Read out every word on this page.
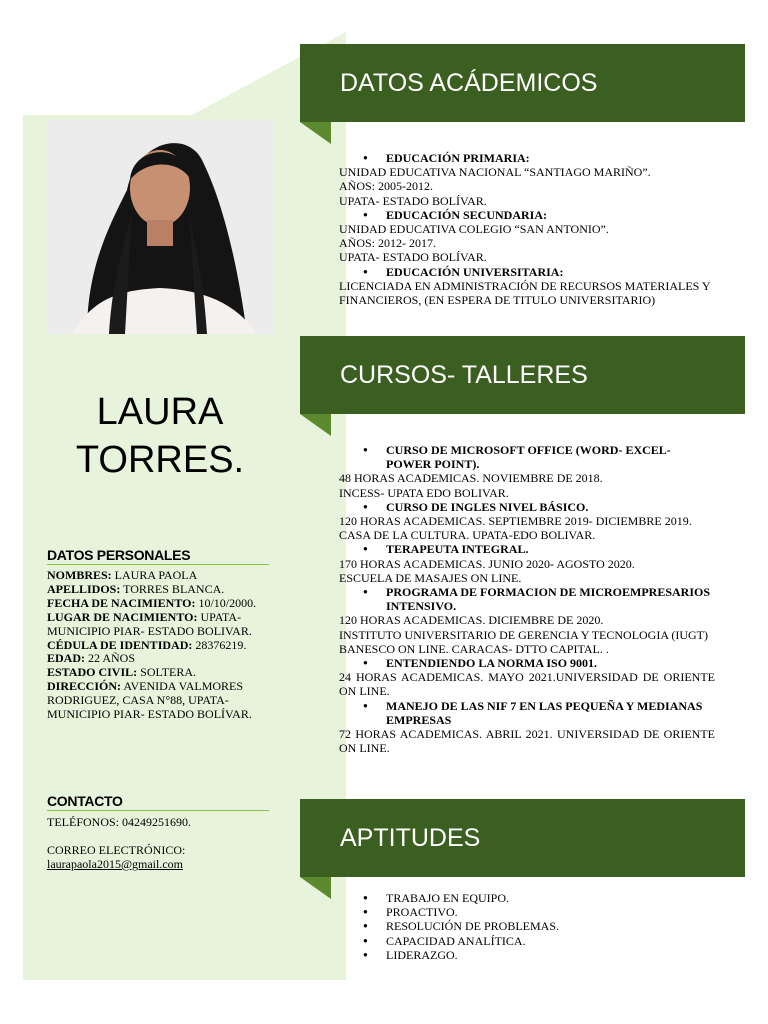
LAURA
TORRES.
DATOS PERSONALES

NOMBRES: LAURA PAOLA

APELLIDOS: TORRES BLANCA.

FECHA DE NACIMIENTO: 10/10/2000.

LUGAR DE NACIMIENTO: UPATA- MUNICIPIO PIAR- ESTADO BOLIVAR.

CÉDULA DE IDENTIDAD: 28376219.

EDAD: 22 AÑOS

ESTADO CIVIL: SOLTERA.

DIRECCIÓN: AVENIDA VALMORES RODRIGUEZ, CASA N°88, UPATA- MUNICIPIO PIAR- ESTADO BOLÍVAR.

CONTACTO
TELÉFONOS: 04249251690.
CORREO ELECTRÓNICO:
laurapaola2015@gmail.com
DATOS ACÁDEMICOS
● EDUCACIÓN PRIMARIA:
UNIDAD EDUCATIVA NACIONAL “SANTIAGO MARIÑO”.
AÑOS: 2005-2012.
UPATA- ESTADO BOLÍVAR.
● EDUCACIÓN SECUNDARIA:
UNIDAD EDUCATIVA COLEGIO “SAN ANTONIO”.
AÑOS: 2012- 2017.
UPATA- ESTADO BOLÍVAR.
● EDUCACIÓN UNIVERSITARIA:
LICENCIADA EN ADMINISTRACIÓN DE RECURSOS MATERIALES Y FINANCIEROS, (EN ESPERA DE TITULO UNIVERSITARIO)
CURSOS- TALLERES
● CURSO DE MICROSOFT OFFICE (WORD- EXCEL- POWER POINT).
48 HORAS ACADEMICAS. NOVIEMBRE DE 2018.
INCESS- UPATA EDO BOLIVAR.
● CURSO DE INGLES NIVEL BÁSICO.
120 HORAS ACADEMICAS. SEPTIEMBRE 2019- DICIEMBRE 2019.
CASA DE LA CULTURA. UPATA-EDO BOLIVAR.
● TERAPEUTA INTEGRAL.
170 HORAS ACADEMICAS. JUNIO 2020- AGOSTO 2020.
ESCUELA DE MASAJES ON LINE.
● PROGRAMA DE FORMACION DE MICROEMPRESARIOS INTENSIVO.
120 HORAS ACADEMICAS. DICIEMBRE DE 2020.
INSTITUTO UNIVERSITARIO DE GERENCIA Y TECNOLOGIA (IUGT) BANESCO ON LINE. CARACAS- DTTO CAPITAL. .
● ENTENDIENDO LA NORMA ISO 9001.
24 HORAS ACADEMICAS. MAYO 2021.UNIVERSIDAD DE ORIENTE ON LINE.
● MANEJO DE LAS NIF 7 EN LAS PEQUEÑA Y MEDIANAS EMPRESAS
72 HORAS ACADEMICAS. ABRIL 2021. UNIVERSIDAD DE ORIENTE ON LINE.
APTITUDES
● TRABAJO EN EQUIPO.
● PROACTIVO.
● RESOLUCIÓN DE PROBLEMAS.
● CAPACIDAD ANALÍTICA.
● LIDERAZGO.
